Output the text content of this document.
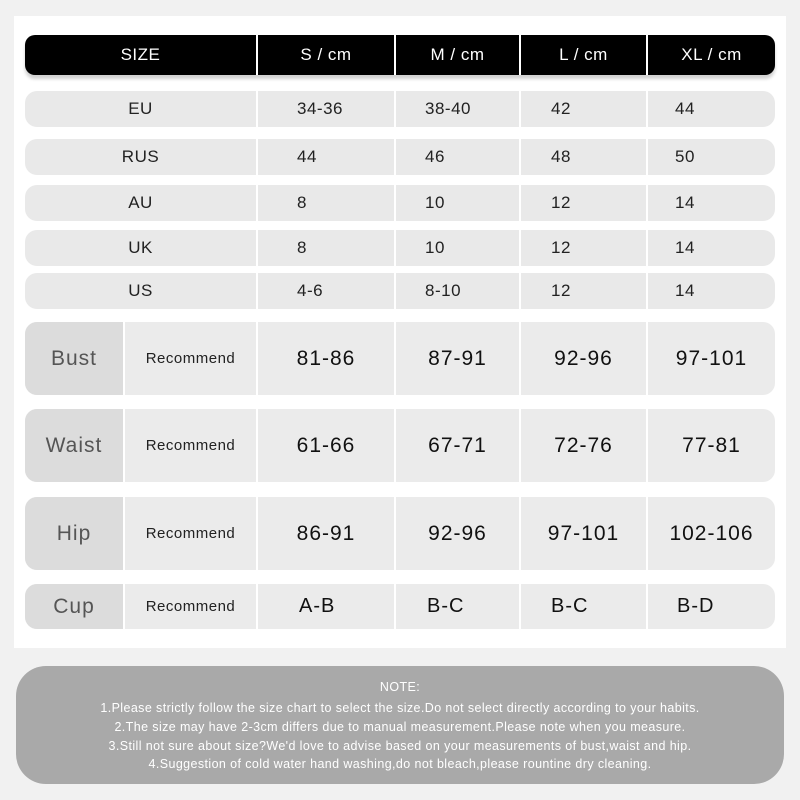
SIZE	S / cm	M / cm	L / cm	XL / cm
EU	34-36	38-40	42	44
RUS	44	46	48	50
AU	8	10	12	14
UK	8	10	12	14
US	4-6	8-10	12	14
Bust	Recommend	81-86	87-91	92-96	97-101
Waist	Recommend	61-66	67-71	72-76	77-81
Hip	Recommend	86-91	92-96	97-101	102-106
Cup	Recommend	A-B	B-C	B-C	B-D
NOTE:
1.Please strictly follow the size chart to select the size.Do not select directly according to your habits.
2.The size may have 2-3cm differs due to manual measurement.Please note when you measure.
3.Still not sure about size?We'd love to advise based on your measurements of bust,waist and hip.
4.Suggestion of cold water hand washing,do not bleach,please rountine dry cleaning.
